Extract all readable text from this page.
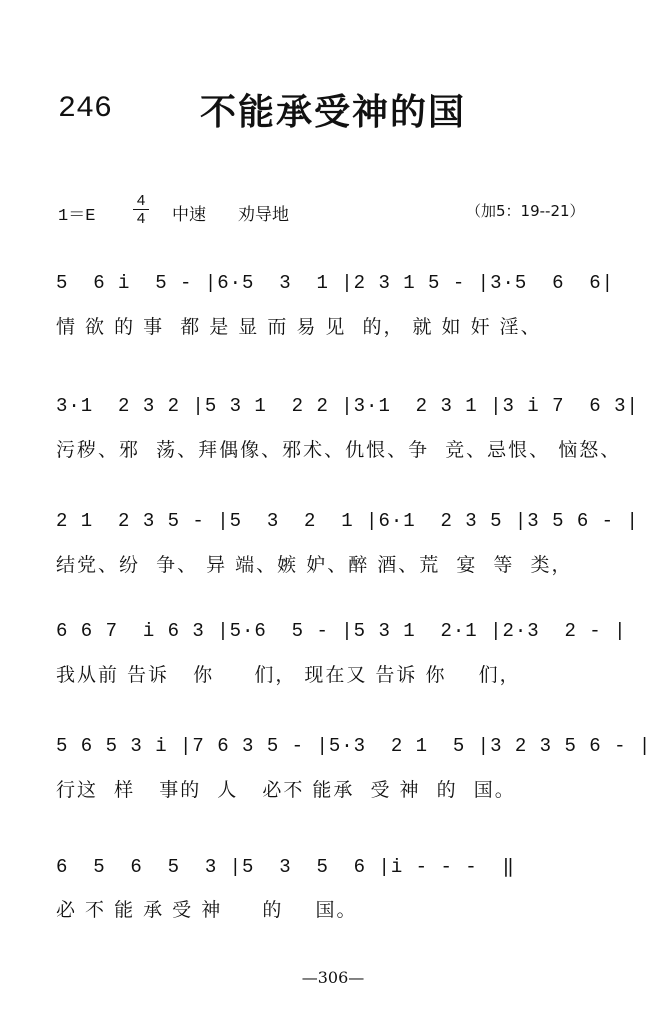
246 不能承受神的国
1＝E	$\frac{4}{4}$ 中速 劝导地	（加5：19--21）
5  6 i  5 - |6·5  3  1 |2 3 1 5 - |3·5  6  6|
情 欲 的 事  都 是 显 而 易 见  的， 就 如 奸 淫、
3·1  2 3 2 |5 3 1  2 2 |3·1  2 3 1 |3 i 7  6 3|
污秽、邪  荡、拜偶像、邪术、仇恨、争  竞、忌恨、 恼怒、
2 1  2 3 5 - |5  3  2  1 |6·1  2 3 5 |3 5 6 - |
结党、纷  争、 异 端、嫉 妒、醉 酒、荒  宴  等  类，
6 6 7  i 6 3 |5·6  5 - |5 3 1  2·1 |2·3  2 - |
我从前 告诉   你     们， 现在又 告诉 你    们，
5 6 5 3 i |7 6 3 5 - |5·3  2 1  5 |3 2 3 5 6 - |
行这  样   事的  人   必不 能承  受 神  的  国。
6  5  6  5  3 |5  3  5  6 |i - - -  ‖
必 不 能 承 受 神     的    国。
—306—
